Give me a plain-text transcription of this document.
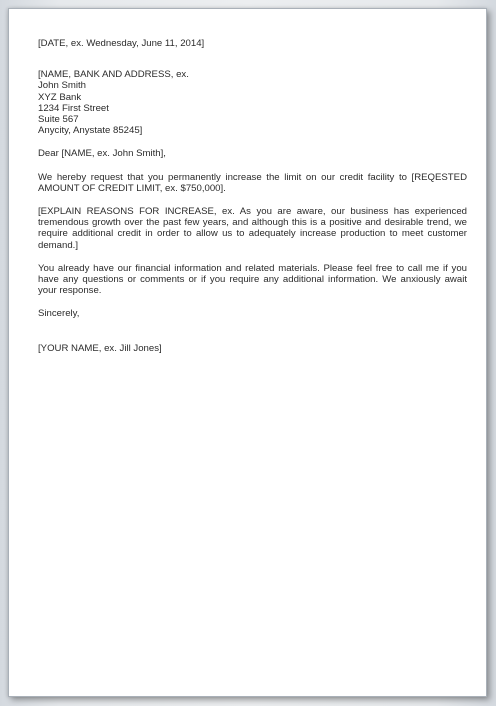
[DATE, ex. Wednesday, June 11, 2014]

[NAME, BANK AND ADDRESS, ex.
John Smith
XYZ Bank
1234 First Street
Suite 567
Anycity, Anystate 85245]

Dear [NAME, ex. John Smith],

We hereby request that you permanently increase the limit on our credit facility to [REQESTED AMOUNT OF CREDIT LIMIT, ex. $750,000].

[EXPLAIN REASONS FOR INCREASE, ex. As you are aware, our business has experienced tremendous growth over the past few years, and although this is a positive and desirable trend, we require additional credit in order to allow us to adequately increase production to meet customer demand.]

You already have our financial information and related materials. Please feel free to call me if you have any questions or comments or if you require any additional information. We anxiously await your response.

Sincerely,

[YOUR NAME, ex. Jill Jones]
